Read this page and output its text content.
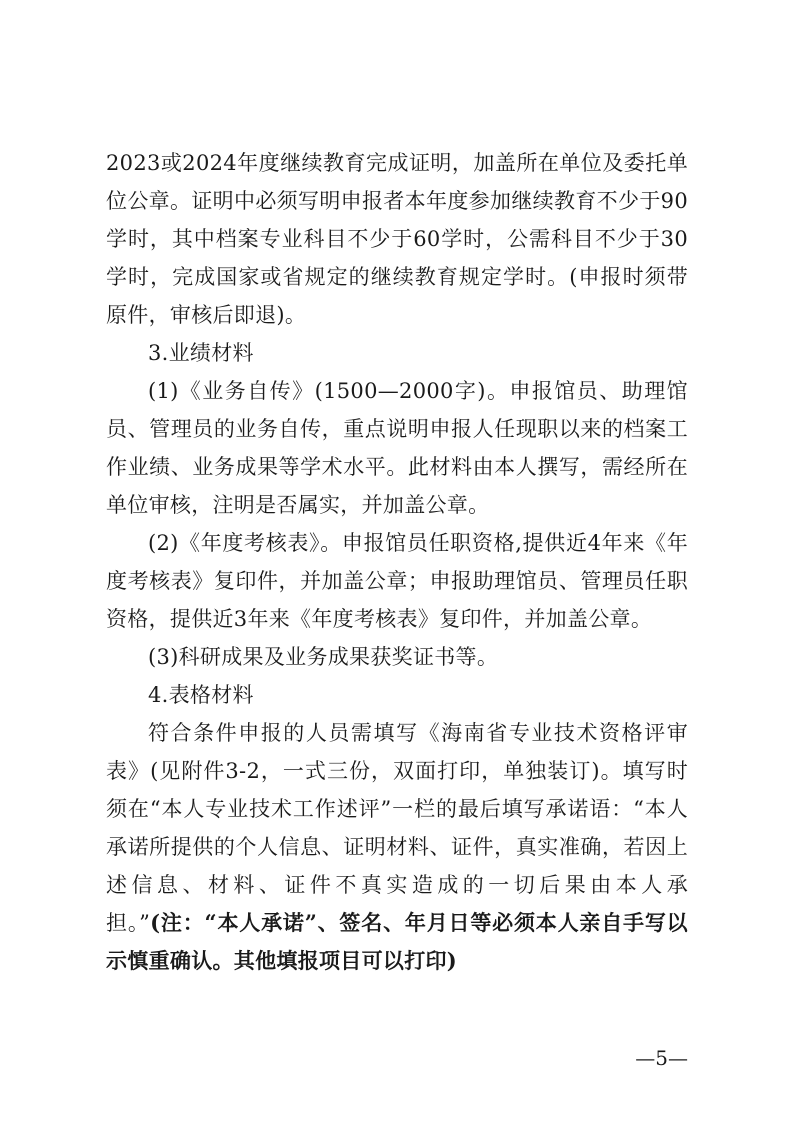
2023或2024年度继续教育完成证明，加盖所在单位及委托单位公章。证明中必须写明申报者本年度参加继续教育不少于90学时，其中档案专业科目不少于60学时，公需科目不少于30学时，完成国家或省规定的继续教育规定学时。(申报时须带原件，审核后即退)。

3.业绩材料

(1)《业务自传》(1500—2000字)。申报馆员、助理馆员、管理员的业务自传，重点说明申报人任现职以来的档案工作业绩、业务成果等学术水平。此材料由本人撰写，需经所在单位审核，注明是否属实，并加盖公章。

(2)《年度考核表》。申报馆员任职资格,提供近4年来《年度考核表》复印件，并加盖公章；申报助理馆员、管理员任职资格，提供近3年来《年度考核表》复印件，并加盖公章。

(3)科研成果及业务成果获奖证书等。

4.表格材料

符合条件申报的人员需填写《海南省专业技术资格评审表》(见附件3-2，一式三份，双面打印，单独装订)。填写时须在“本人专业技术工作述评”一栏的最后填写承诺语：“本人承诺所提供的个人信息、证明材料、证件，真实准确，若因上述信息、材料、证件不真实造成的一切后果由本人承担。”(注：“本人承诺”、签名、年月日等必须本人亲自手写以示慎重确认。其他填报项目可以打印)

—5—
